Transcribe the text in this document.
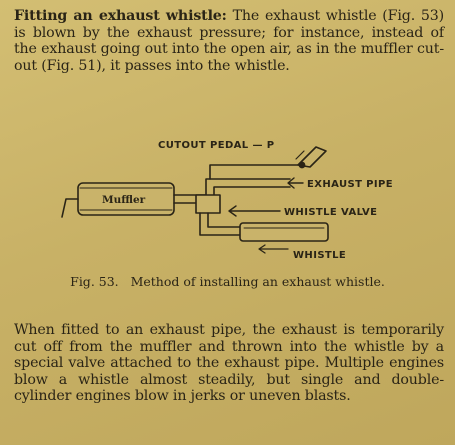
Fitting an exhaust whistle: The exhaust whistle (Fig. 53) is blown by the exhaust pressure; for instance, instead of the exhaust going out into the open air, as in the muffler cut-out (Fig. 51), it passes into the whistle.

CUTOUT PEDAL — P
Muffler
EXHAUST PIPE
WHISTLE VALVE
WHISTLE
Fig. 53. Method of installing an exhaust whistle.

When fitted to an exhaust pipe, the exhaust is temporarily cut off from the muffler and thrown into the whistle by a special valve attached to the exhaust pipe. Multiple engines blow a whistle almost steadily, but single and double-cylinder engines blow in jerks or uneven blasts.
